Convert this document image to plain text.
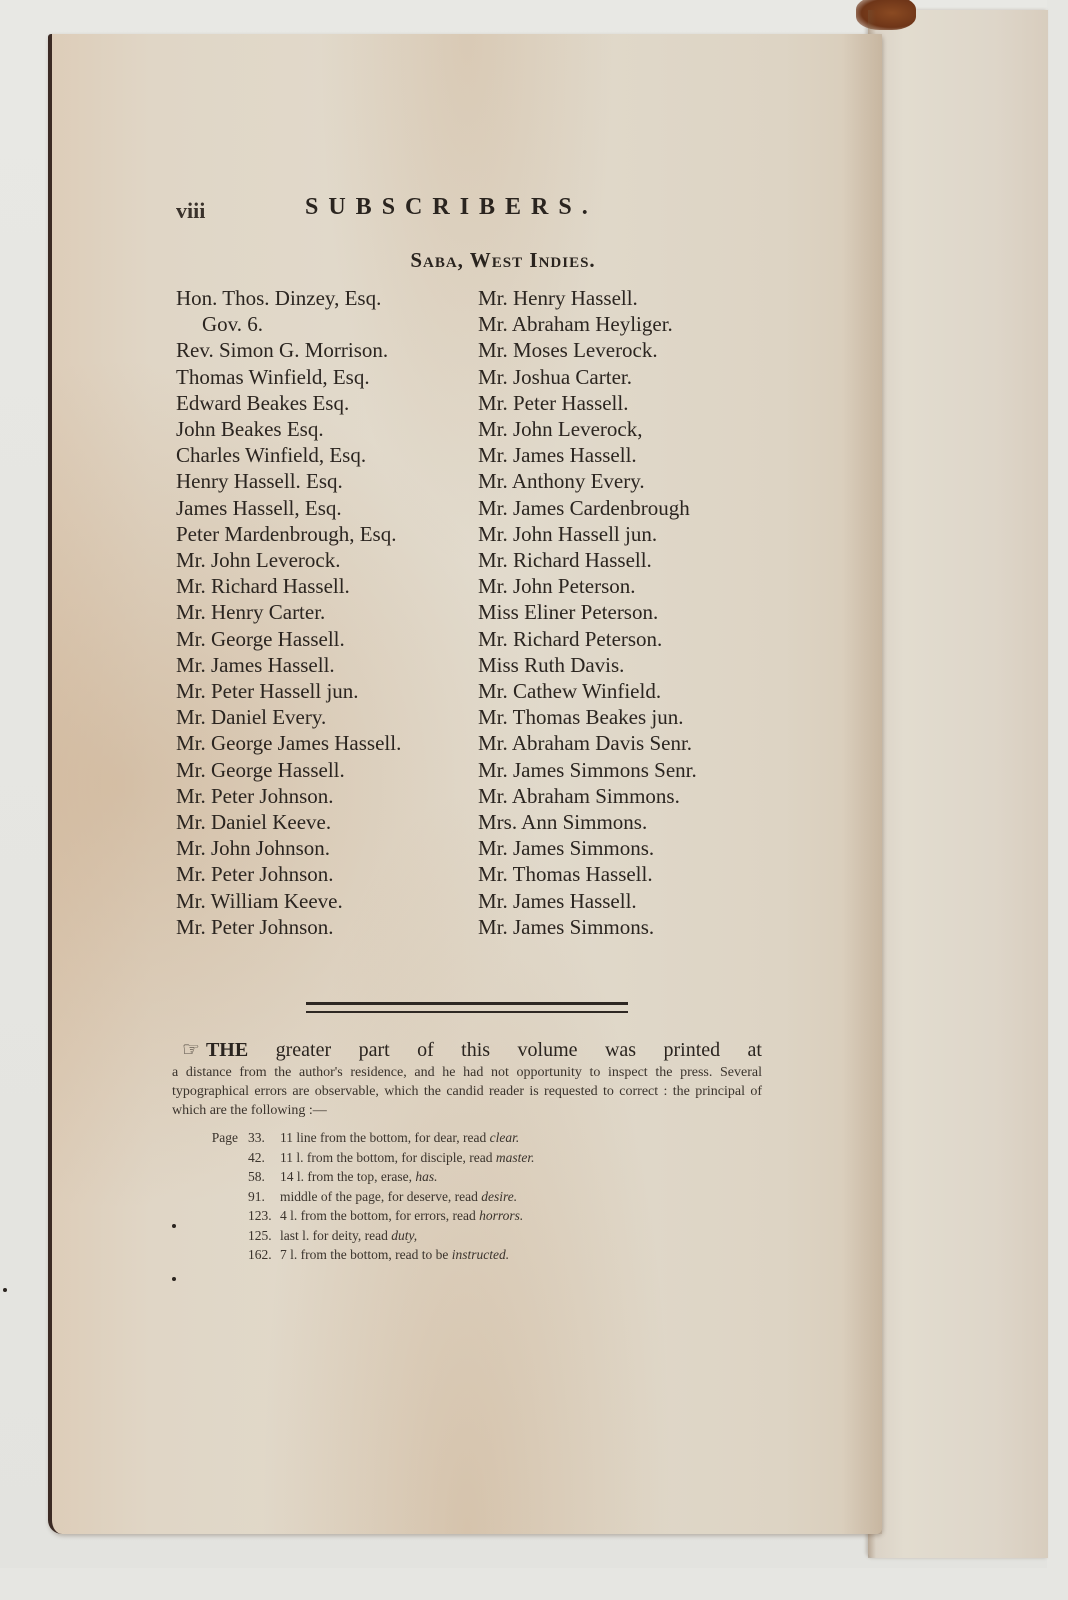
viii	SUBSCRIBERS.
Saba, West Indies.
Hon. Thos. Dinzey, Esq.
Gov. 6.
Rev. Simon G. Morrison.
Thomas Winfield, Esq.
Edward Beakes Esq.
John Beakes Esq.
Charles Winfield, Esq.
Henry Hassell. Esq.
James Hassell, Esq.
Peter Mardenbrough, Esq.
Mr. John Leverock.
Mr. Richard Hassell.
Mr. Henry Carter.
Mr. George Hassell.
Mr. James Hassell.
Mr. Peter Hassell jun.
Mr. Daniel Every.
Mr. George James Hassell.
Mr. George Hassell.
Mr. Peter Johnson.
Mr. Daniel Keeve.
Mr. John Johnson.
Mr. Peter Johnson.
Mr. William Keeve.
Mr. Peter Johnson.
Mr. Henry Hassell.
Mr. Abraham Heyliger.
Mr. Moses Leverock.
Mr. Joshua Carter.
Mr. Peter Hassell.
Mr. John Leverock,
Mr. James Hassell.
Mr. Anthony Every.
Mr. James Cardenbrough
Mr. John Hassell jun.
Mr. Richard Hassell.
Mr. John Peterson.
Miss Eliner Peterson.
Mr. Richard Peterson.
Miss Ruth Davis.
Mr. Cathew Winfield.
Mr. Thomas Beakes jun.
Mr. Abraham Davis Senr.
Mr. James Simmons Senr.
Mr. Abraham Simmons.
Mrs. Ann Simmons.
Mr. James Simmons.
Mr. Thomas Hassell.
Mr. James Hassell.
Mr. James Simmons.
☞ THE greater part of this volume was printed at
a distance from the author's residence, and he had not opportunity to inspect the press. Several typographical errors are observable, which the candid reader is requested to correct : the principal of which are the following :—
Page 33.	11 line from the bottom, for dear, read clear.
42.	11 l. from the bottom, for disciple, read master.
58.	14 l. from the top, erase, has.
91.	middle of the page, for deserve, read desire.
123. 4 l. from the bottom, for errors, read horrors.
125. last l. for deity, read duty,
162. 7 l. from the bottom, read to be instructed.
